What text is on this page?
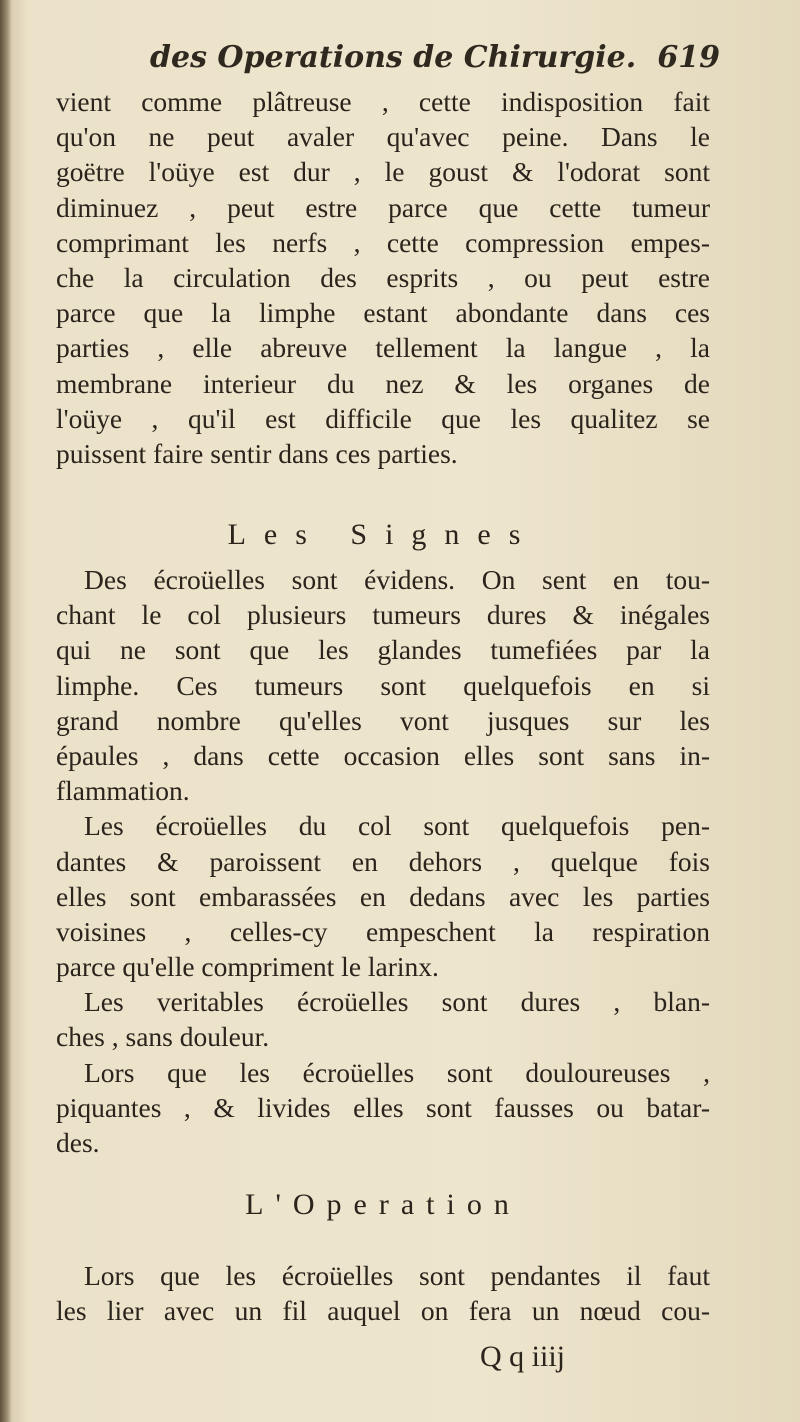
des Operations de Chirurgie. 619
vient comme plâtreuse , cette indisposition fait
qu'on ne peut avaler qu'avec peine. Dans le
goëtre l'oüye est dur , le goust & l'odorat sont
diminuez , peut estre parce que cette tumeur
comprimant les nerfs , cette compression empes-
che la circulation des esprits , ou peut estre
parce que la limphe estant abondante dans ces
parties , elle abreuve tellement la langue , la
membrane interieur du nez & les organes de
l'oüye , qu'il est difficile que les qualitez se
puissent faire sentir dans ces parties.
Les Signes
Des écroüelles sont évidens. On sent en tou-
chant le col plusieurs tumeurs dures & inégales
qui ne sont que les glandes tumefiées par la
limphe. Ces tumeurs sont quelquefois en si
grand nombre qu'elles vont jusques sur les
épaules , dans cette occasion elles sont sans in-
flammation.
Les écroüelles du col sont quelquefois pen-
dantes & paroissent en dehors , quelque fois
elles sont embarassées en dedans avec les parties
voisines , celles-cy empeschent la respiration
parce qu'elle compriment le larinx.
Les veritables écroüelles sont dures , blan-
ches , sans douleur.
Lors que les écroüelles sont douloureuses ,
piquantes , & livides elles sont fausses ou batar-
des.
L'Operation
Lors que les écroüelles sont pendantes il faut
les lier avec un fil auquel on fera un nœud cou-
Q q iiij
